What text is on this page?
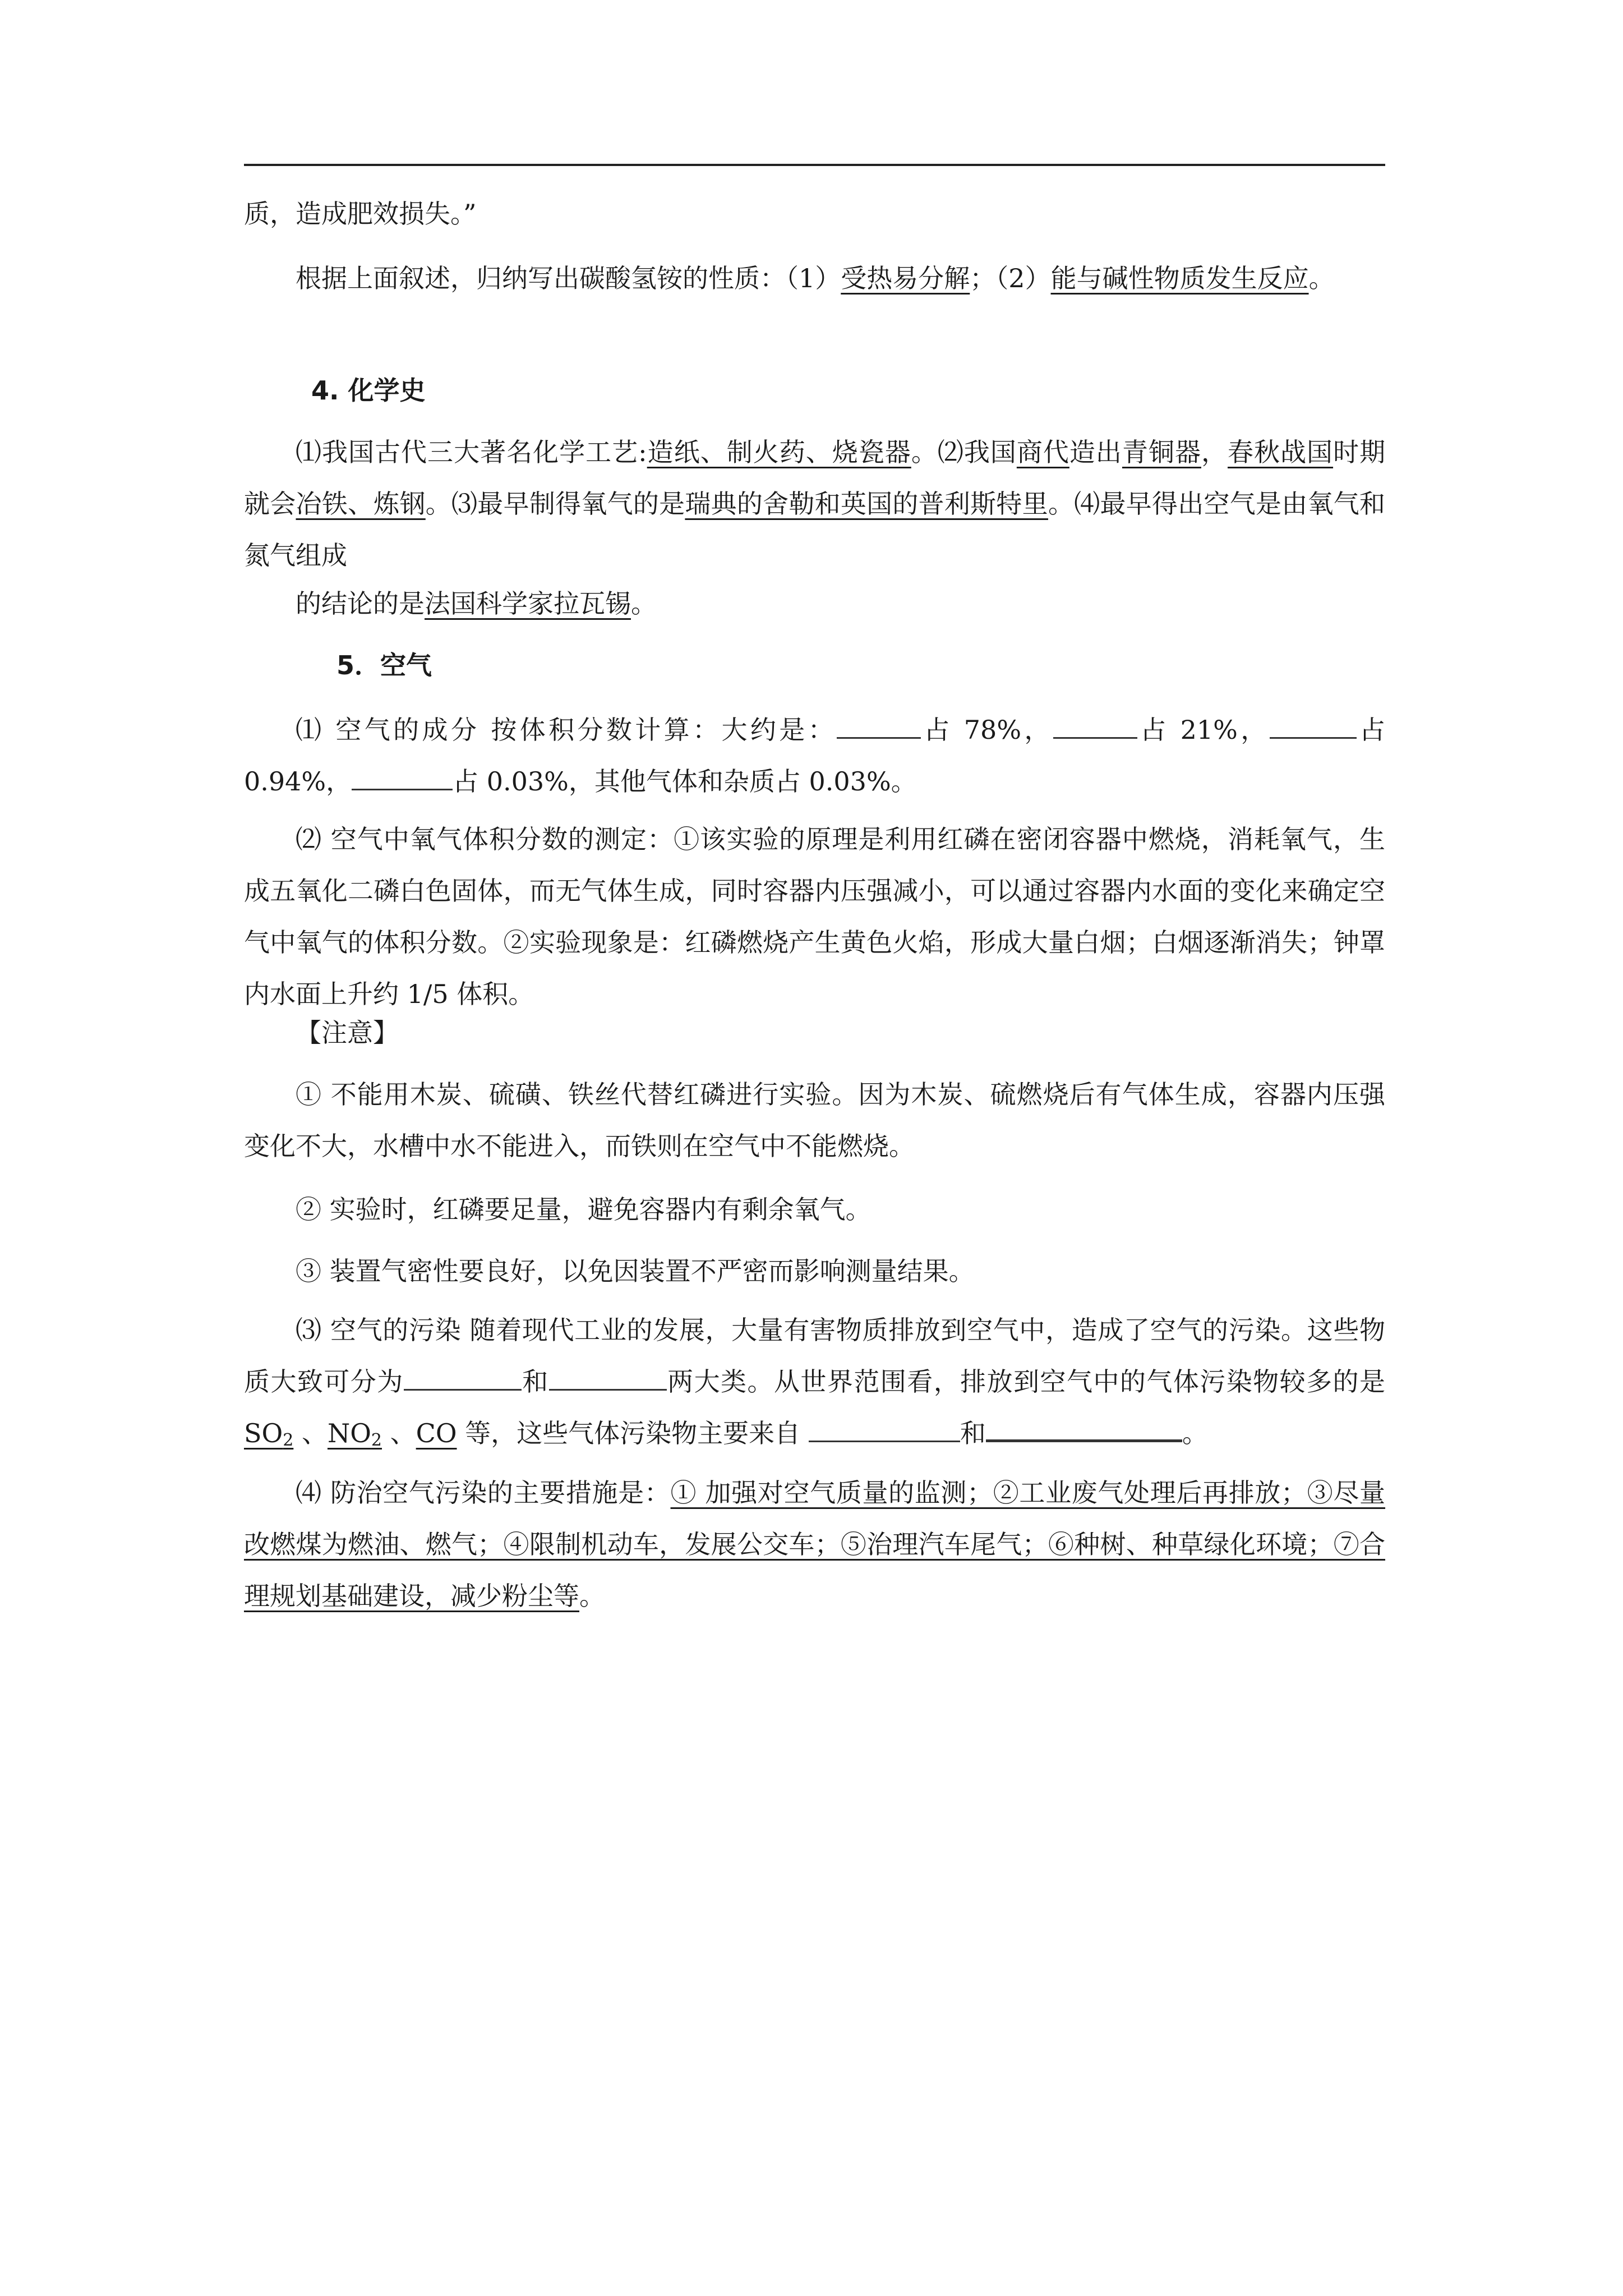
质，造成肥效损失。”

根据上面叙述，归纳写出碳酸氢铵的性质：（1）受热易分解；（2）能与碱性物质发生反应。

4. 化学史

⑴我国古代三大著名化学工艺:造纸、制火药、烧瓷器。⑵我国商代造出青铜器，春秋战国时期就会冶铁、炼钢。⑶最早制得氧气的是瑞典的舍勒和英国的普利斯特里。⑷最早得出空气是由氧气和氮气组成

的结论的是法国科学家拉瓦锡。

5．空气

⑴ 空气的成分 按体积分数计算：大约是：	占 78%，	占 21%，	占 0.94%，	占 0.03%，其他气体和杂质占 0.03%。

⑵ 空气中氧气体积分数的测定：①该实验的原理是利用红磷在密闭容器中燃烧，消耗氧气，生成五氧化二磷白色固体，而无气体生成，同时容器内压强减小，可以通过容器内水面的变化来确定空气中氧气的体积分数。②实验现象是：红磷燃烧产生黄色火焰，形成大量白烟；白烟逐渐消失；钟罩内水面上升约 1/5 体积。

【注意】

① 不能用木炭、硫磺、铁丝代替红磷进行实验。因为木炭、硫燃烧后有气体生成，容器内压强变化不大，水槽中水不能进入，而铁则在空气中不能燃烧。

② 实验时，红磷要足量，避免容器内有剩余氧气。

③ 装置气密性要良好，以免因装置不严密而影响测量结果。

⑶ 空气的污染 随着现代工业的发展，大量有害物质排放到空气中，造成了空气的污染。这些物质大致可分为	和	两大类。从世界范围看，排放到空气中的气体污染物较多的是 $SO_2$ 、$NO_2$ 、CO 等，这些气体污染物主要来自	和	。

⑷ 防治空气污染的主要措施是：① 加强对空气质量的监测；②工业废气处理后再排放；③尽量改燃煤为燃油、燃气；④限制机动车，发展公交车；⑤治理汽车尾气；⑥种树、种草绿化环境；⑦合理规划基础建设，减少粉尘等。
